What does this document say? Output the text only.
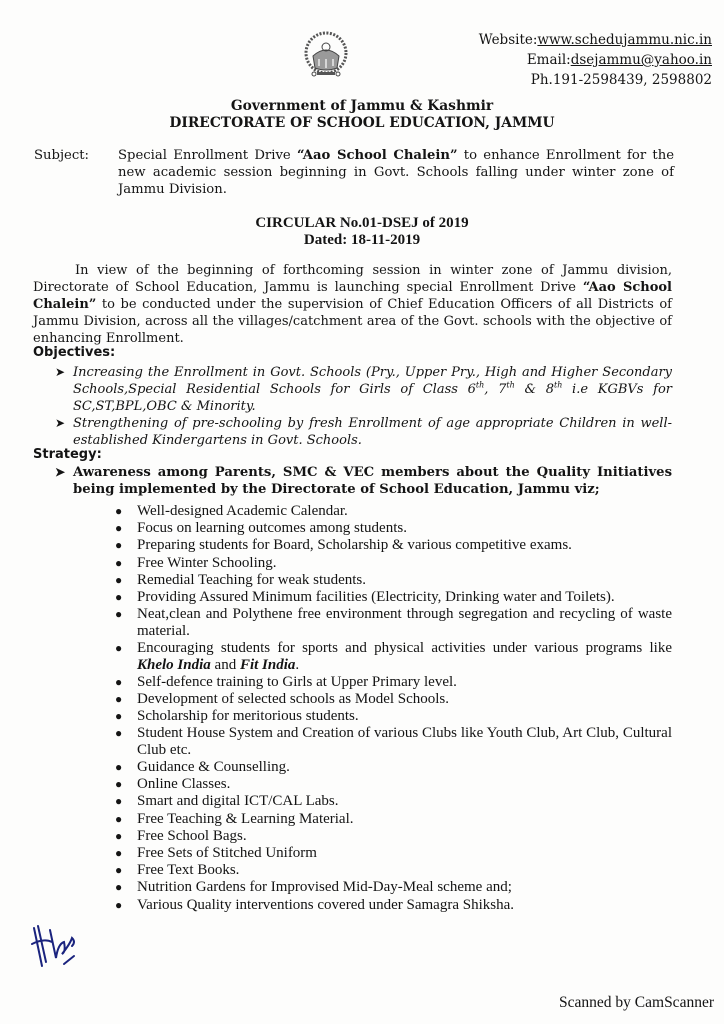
Website:www.schedujammu.nic.in
Email:dsejammu@yahoo.in
Ph.191-2598439, 2598802
Government of Jammu & Kashmir
DIRECTORATE OF SCHOOL EDUCATION, JAMMU
Subject:	Special Enrollment Drive “Aao School Chalein” to enhance Enrollment for the new academic session beginning in Govt. Schools falling under winter zone of Jammu Division.
CIRCULAR No.01-DSEJ of 2019
Dated: 18-11-2019
In view of the beginning of forthcoming session in winter zone of Jammu division, Directorate of School Education, Jammu is launching special Enrollment Drive “Aao School Chalein” to be conducted under the supervision of Chief Education Officers of all Districts of Jammu Division, across all the villages/catchment area of the Govt. schools with the objective of enhancing Enrollment.
Objectives:
➤ Increasing the Enrollment in Govt. Schools (Pry., Upper Pry., High and Higher Secondary Schools,Special Residential Schools for Girls of Class 6th, 7th & 8th i.e KGBVs for SC,ST,BPL,OBC & Minority.
➤ Strengthening of pre-schooling by fresh Enrollment of age appropriate Children in well-established Kindergartens in Govt. Schools.
Strategy:
➤ Awareness among Parents, SMC & VEC members about the Quality Initiatives being implemented by the Directorate of School Education, Jammu viz;
● Well-designed Academic Calendar.
● Focus on learning outcomes among students.
● Preparing students for Board, Scholarship & various competitive exams.
● Free Winter Schooling.
● Remedial Teaching for weak students.
● Providing Assured Minimum facilities (Electricity, Drinking water and Toilets).
● Neat,clean and Polythene free environment through segregation and recycling of waste material.
● Encouraging students for sports and physical activities under various programs like Khelo India and Fit India.
● Self-defence training to Girls at Upper Primary level.
● Development of selected schools as Model Schools.
● Scholarship for meritorious students.
● Student House System and Creation of various Clubs like Youth Club, Art Club, Cultural Club etc.
● Guidance & Counselling.
● Online Classes.
● Smart and digital ICT/CAL Labs.
● Free Teaching & Learning Material.
● Free School Bags.
● Free Sets of Stitched Uniform
● Free Text Books.
● Nutrition Gardens for Improvised Mid-Day-Meal scheme and;
● Various Quality interventions covered under Samagra Shiksha.
Scanned by CamScanner
